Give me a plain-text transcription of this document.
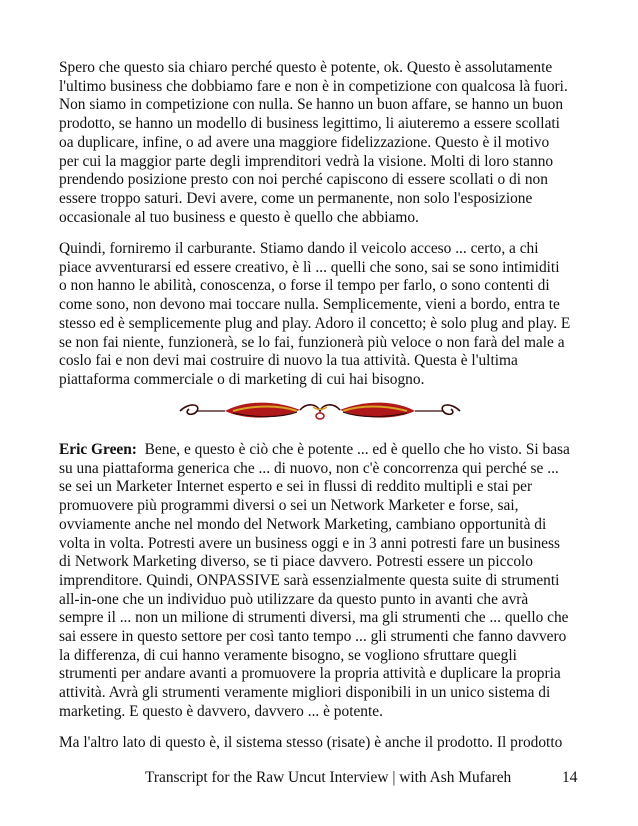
Spero che questo sia chiaro perché questo è potente, ok. Questo è assolutamente
l'ultimo business che dobbiamo fare e non è in competizione con qualcosa là fuori.
Non siamo in competizione con nulla. Se hanno un buon affare, se hanno un buon
prodotto, se hanno un modello di business legittimo, li aiuteremo a essere scollati
oa duplicare, infine, o ad avere una maggiore fidelizzazione. Questo è il motivo
per cui la maggior parte degli imprenditori vedrà la visione. Molti di loro stanno
prendendo posizione presto con noi perché capiscono di essere scollati o di non
essere troppo saturi. Devi avere, come un permanente, non solo l'esposizione
occasionale al tuo business e questo è quello che abbiamo.

Quindi, forniremo il carburante. Stiamo dando il veicolo acceso ... certo, a chi
piace avventurarsi ed essere creativo, è lì ... quelli che sono, sai se sono intimiditi
o non hanno le abilità, conoscenza, o forse il tempo per farlo, o sono contenti di
come sono, non devono mai toccare nulla. Semplicemente, vieni a bordo, entra te
stesso ed è semplicemente plug and play. Adoro il concetto; è solo plug and play. E
se non fai niente, funzionerà, se lo fai, funzionerà più veloce o non farà del male a
coslo fai e non devi mai costruire di nuovo la tua attività. Questa è l'ultima
piattaforma commerciale o di marketing di cui hai bisogno.

Eric Green:  Bene, e questo è ciò che è potente ... ed è quello che ho visto. Si basa
su una piattaforma generica che ... di nuovo, non c'è concorrenza qui perché se ...
se sei un Marketer Internet esperto e sei in flussi di reddito multipli e stai per
promuovere più programmi diversi o sei un Network Marketer e forse, sai,
ovviamente anche nel mondo del Network Marketing, cambiano opportunità di
volta in volta. Potresti avere un business oggi e in 3 anni potresti fare un business
di Network Marketing diverso, se ti piace davvero. Potresti essere un piccolo
imprenditore. Quindi, ONPASSIVE sarà essenzialmente questa suite di strumenti
all-in-one che un individuo può utilizzare da questo punto in avanti che avrà
sempre il ... non un milione di strumenti diversi, ma gli strumenti che ... quello che
sai essere in questo settore per così tanto tempo ... gli strumenti che fanno davvero
la differenza, di cui hanno veramente bisogno, se vogliono sfruttare quegli
strumenti per andare avanti a promuovere la propria attività e duplicare la propria
attività. Avrà gli strumenti veramente migliori disponibili in un unico sistema di
marketing. E questo è davvero, davvero ... è potente.

Ma l'altro lato di questo è, il sistema stesso (risate) è anche il prodotto. Il prodotto

Transcript for the Raw Uncut Interview | with Ash Mufareh	14
